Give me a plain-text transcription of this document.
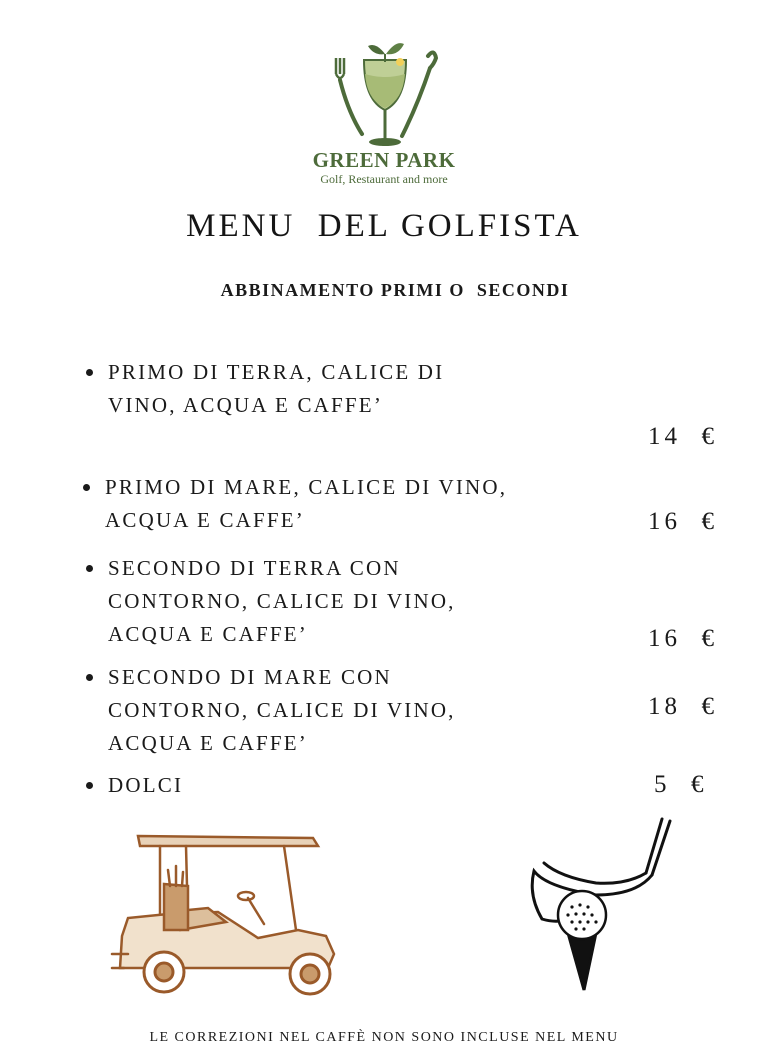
GREEN PARK
Golf, Restaurant and more
MENU  DEL GOLFISTA
ABBINAMENTO PRIMI O  SECONDI
PRIMO DI TERRA, CALICE DI
VINO, ACQUA E CAFFE’
14  €
PRIMO DI MARE, CALICE DI VINO,
ACQUA E CAFFE’	16  €
SECONDO DI TERRA CON
CONTORNO, CALICE DI VINO,
ACQUA E CAFFE’	16  €
SECONDO DI MARE CON
CONTORNO, CALICE DI VINO,
ACQUA E CAFFE’
18  €
DOLCI	5  €
LE CORREZIONI NEL CAFFÈ NON SONO INCLUSE NEL MENU
